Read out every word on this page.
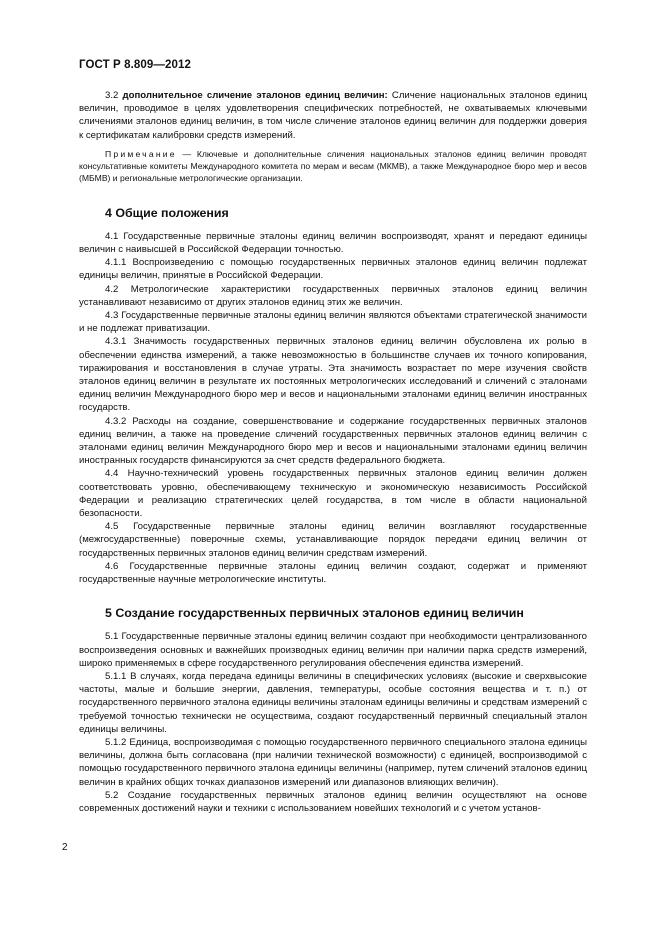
ГОСТ Р 8.809—2012

3.2 дополнительное сличение эталонов единиц величин: Сличение национальных эталонов единиц величин, проводимое в целях удовлетворения специфических потребностей, не охватываемых ключевыми сличениями эталонов единиц величин, в том числе сличение эталонов единиц величин для поддержки доверия к сертификатам калибровки средств измерений.

Примечание — Ключевые и дополнительные сличения национальных эталонов единиц величин проводят консультативные комитеты Международного комитета по мерам и весам (МКМВ), а также Международное бюро мер и весов (МБМВ) и региональные метрологические организации.

4 Общие положения

4.1 Государственные первичные эталоны единиц величин воспроизводят, хранят и передают единицы величин с наивысшей в Российской Федерации точностью.

4.1.1 Воспроизведению с помощью государственных первичных эталонов единиц величин подлежат единицы величин, принятые в Российской Федерации.

4.2 Метрологические характеристики государственных первичных эталонов единиц величин устанавливают независимо от других эталонов единиц этих же величин.

4.3 Государственные первичные эталоны единиц величин являются объектами стратегической значимости и не подлежат приватизации.

4.3.1 Значимость государственных первичных эталонов единиц величин обусловлена их ролью в обеспечении единства измерений, а также невозможностью в большинстве случаев их точного копирования, тиражирования и восстановления в случае утраты. Эта значимость возрастает по мере изучения свойств эталонов единиц величин в результате их постоянных метрологических исследований и сличений с эталонами единиц величин Международного бюро мер и весов и национальными эталонами единиц величин иностранных государств.

4.3.2 Расходы на создание, совершенствование и содержание государственных первичных эталонов единиц величин, а также на проведение сличений государственных первичных эталонов единиц величин с эталонами единиц величин Международного бюро мер и весов и национальными эталонами единиц величин иностранных государств финансируются за счет средств федерального бюджета.

4.4 Научно-технический уровень государственных первичных эталонов единиц величин должен соответствовать уровню, обеспечивающему техническую и экономическую независимость Российской Федерации и реализацию стратегических целей государства, в том числе в области национальной безопасности.

4.5 Государственные первичные эталоны единиц величин возглавляют государственные (межгосударственные) поверочные схемы, устанавливающие порядок передачи единиц величин от государственных первичных эталонов единиц величин средствам измерений.

4.6 Государственные первичные эталоны единиц величин создают, содержат и применяют государственные научные метрологические институты.

5 Создание государственных первичных эталонов единиц величин

5.1 Государственные первичные эталоны единиц величин создают при необходимости централизованного воспроизведения основных и важнейших производных единиц величин при наличии парка средств измерений, широко применяемых в сфере государственного регулирования обеспечения единства измерений.

5.1.1 В случаях, когда передача единицы величины в специфических условиях (высокие и сверхвысокие частоты, малые и большие энергии, давления, температуры, особые состояния вещества и т. п.) от государственного первичного эталона единицы величины эталонам единицы величины и средствам измерений с требуемой точностью технически не осуществима, создают государственный первичный специальный эталон единицы величины.

5.1.2 Единица, воспроизводимая с помощью государственного первичного специального эталона единицы величины, должна быть согласована (при наличии технической возможности) с единицей, воспроизводимой с помощью государственного первичного эталона единицы величины (например, путем сличений эталонов единиц величин в крайних общих точках диапазонов измерений или диапазонов влияющих величин).

5.2 Создание государственных первичных эталонов единиц величин осуществляют на основе современных достижений науки и техники с использованием новейших технологий и с учетом установ-

2
